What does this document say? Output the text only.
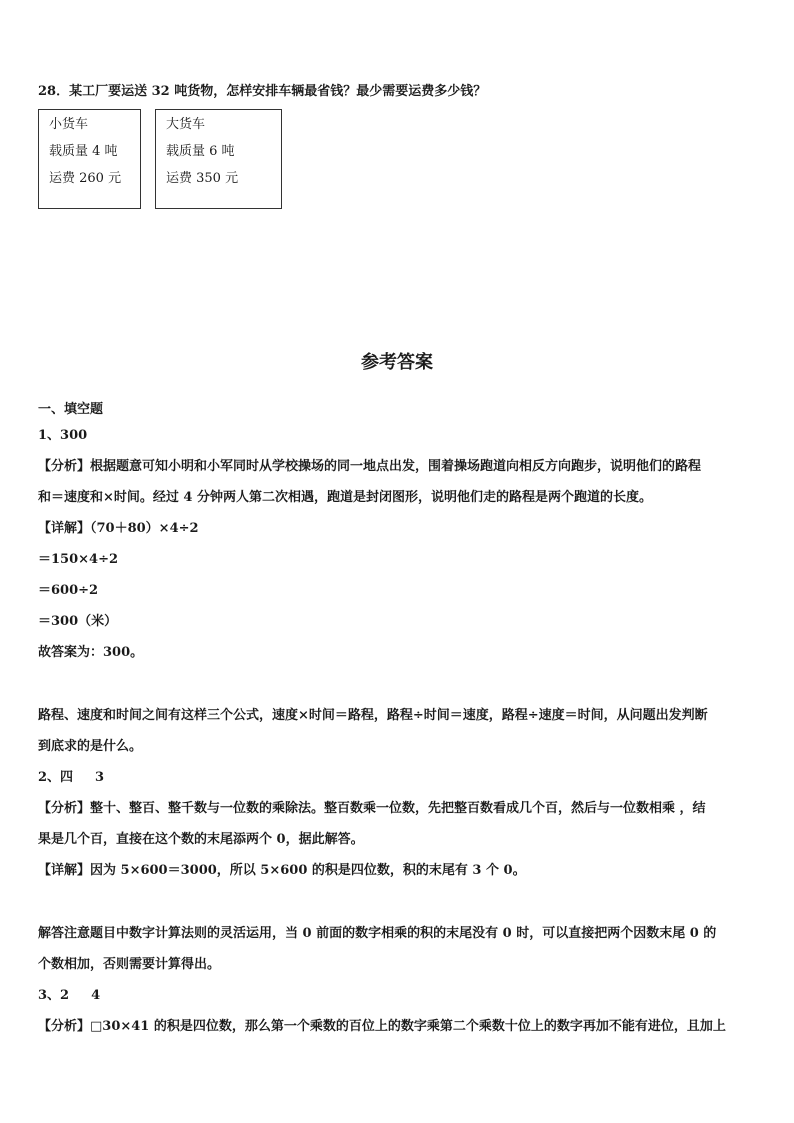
28．某工厂要运送 32 吨货物，怎样安排车辆最省钱？最少需要运费多少钱？
小货车
载质量 4 吨
运费 260 元
大货车
载质量 6 吨
运费 350 元
参考答案
一、填空题
1、300
【分析】根据题意可知小明和小军同时从学校操场的同一地点出发，围着操场跑道向相反方向跑步，说明他们的路程
和＝速度和×时间。经过 4 分钟两人第二次相遇，跑道是封闭图形，说明他们走的路程是两个跑道的长度。
【详解】（70＋80）×4÷2
＝150×4÷2
＝600÷2
＝300（米）
故答案为：300。
路程、速度和时间之间有这样三个公式，速度×时间＝路程，路程÷时间＝速度，路程÷速度＝时间，从问题出发判断
到底求的是什么。
2、四 3
【分析】整十、整百、整千数与一位数的乘除法。整百数乘一位数，先把整百数看成几个百，然后与一位数相乘 ，结
果是几个百，直接在这个数的末尾添两个 0，据此解答。
【详解】因为 5×600＝3000，所以 5×600 的积是四位数，积的末尾有 3 个 0。
解答注意题目中数字计算法则的灵活运用，当 0 前面的数字相乘的积的末尾没有 0 时，可以直接把两个因数末尾 0 的
个数相加，否则需要计算得出。
3、2 4
【分析】□30×41 的积是四位数，那么第一个乘数的百位上的数字乘第二个乘数十位上的数字再加不能有进位，且加上
